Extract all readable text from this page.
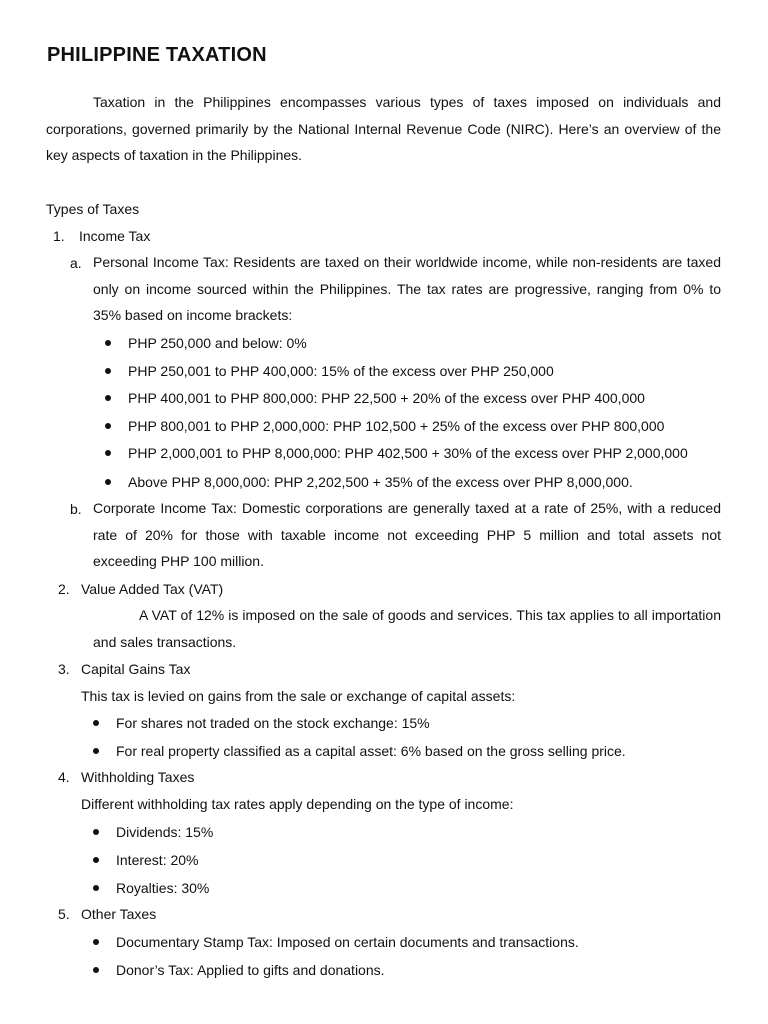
PHILIPPINE TAXATION

Taxation in the Philippines encompasses various types of taxes imposed on individuals and corporations, governed primarily by the National Internal Revenue Code (NIRC). Here’s an overview of the key aspects of taxation in the Philippines.

Types of Taxes
1. Income Tax
a. Personal Income Tax: Residents are taxed on their worldwide income, while non-residents are taxed only on income sourced within the Philippines. The tax rates are progressive, ranging from 0% to 35% based on income brackets:

PHP 250,000 and below: 0%
PHP 250,001 to PHP 400,000: 15% of the excess over PHP 250,000
PHP 400,001 to PHP 800,000: PHP 22,500 + 20% of the excess over PHP 400,000
PHP 800,001 to PHP 2,000,000: PHP 102,500 + 25% of the excess over PHP 800,000
PHP 2,000,001 to PHP 8,000,000: PHP 402,500 + 30% of the excess over PHP 2,000,000
Above PHP 8,000,000: PHP 2,202,500 + 35% of the excess over PHP 8,000,000.
b. Corporate Income Tax: Domestic corporations are generally taxed at a rate of 25%, with a reduced rate of 20% for those with taxable income not exceeding PHP 5 million and total assets not exceeding PHP 100 million.

2. Value Added Tax (VAT)

A VAT of 12% is imposed on the sale of goods and services. This tax applies to all importation and sales transactions.

3. Capital Gains Tax
This tax is levied on gains from the sale or exchange of capital assets:
For shares not traded on the stock exchange: 15%
For real property classified as a capital asset: 6% based on the gross selling price.
4. Withholding Taxes
Different withholding tax rates apply depending on the type of income:
Dividends: 15%
Interest: 20%
Royalties: 30%
5. Other Taxes
Documentary Stamp Tax: Imposed on certain documents and transactions.
Donor’s Tax: Applied to gifts and donations.
